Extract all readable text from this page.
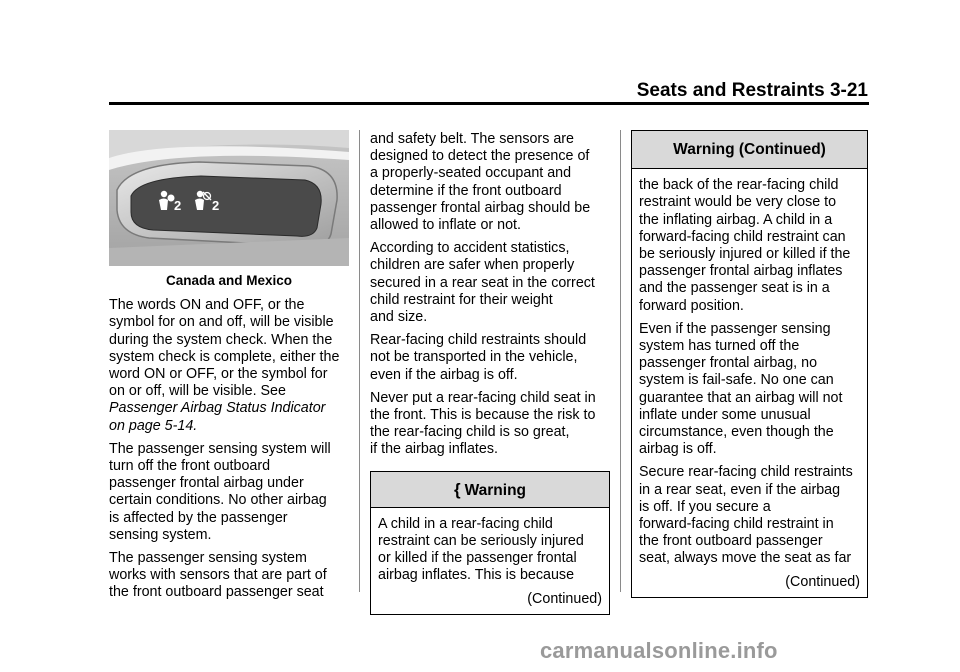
Seats and Restraints 3-21
2 2
Canada and Mexico

The words ON and OFF, or the
symbol for on and off, will be visible
during the system check. When the
system check is complete, either the
word ON or OFF, or the symbol for
on or off, will be visible. See
Passenger Airbag Status Indicator
on page 5-14.

The passenger sensing system will
turn off the front outboard
passenger frontal airbag under
certain conditions. No other airbag
is affected by the passenger
sensing system.

The passenger sensing system
works with sensors that are part of
the front outboard passenger seat

and safety belt. The sensors are
designed to detect the presence of
a properly-seated occupant and
determine if the front outboard
passenger frontal airbag should be
allowed to inflate or not.

According to accident statistics,
children are safer when properly
secured in a rear seat in the correct
child restraint for their weight
and size.

Rear-facing child restraints should
not be transported in the vehicle,
even if the airbag is off.

Never put a rear-facing child seat in
the front. This is because the risk to
the rear-facing child is so great,
if the airbag inflates.

{ Warning

A child in a rear-facing child
restraint can be seriously injured
or killed if the passenger frontal
airbag inflates. This is because

(Continued)
Warning (Continued)

the back of the rear-facing child
restraint would be very close to
the inflating airbag. A child in a
forward-facing child restraint can
be seriously injured or killed if the
passenger frontal airbag inflates
and the passenger seat is in a
forward position.

Even if the passenger sensing
system has turned off the
passenger frontal airbag, no
system is fail-safe. No one can
guarantee that an airbag will not
inflate under some unusual
circumstance, even though the
airbag is off.

Secure rear-facing child restraints
in a rear seat, even if the airbag
is off. If you secure a
forward-facing child restraint in
the front outboard passenger
seat, always move the seat as far

(Continued)
carmanualsonline.info
